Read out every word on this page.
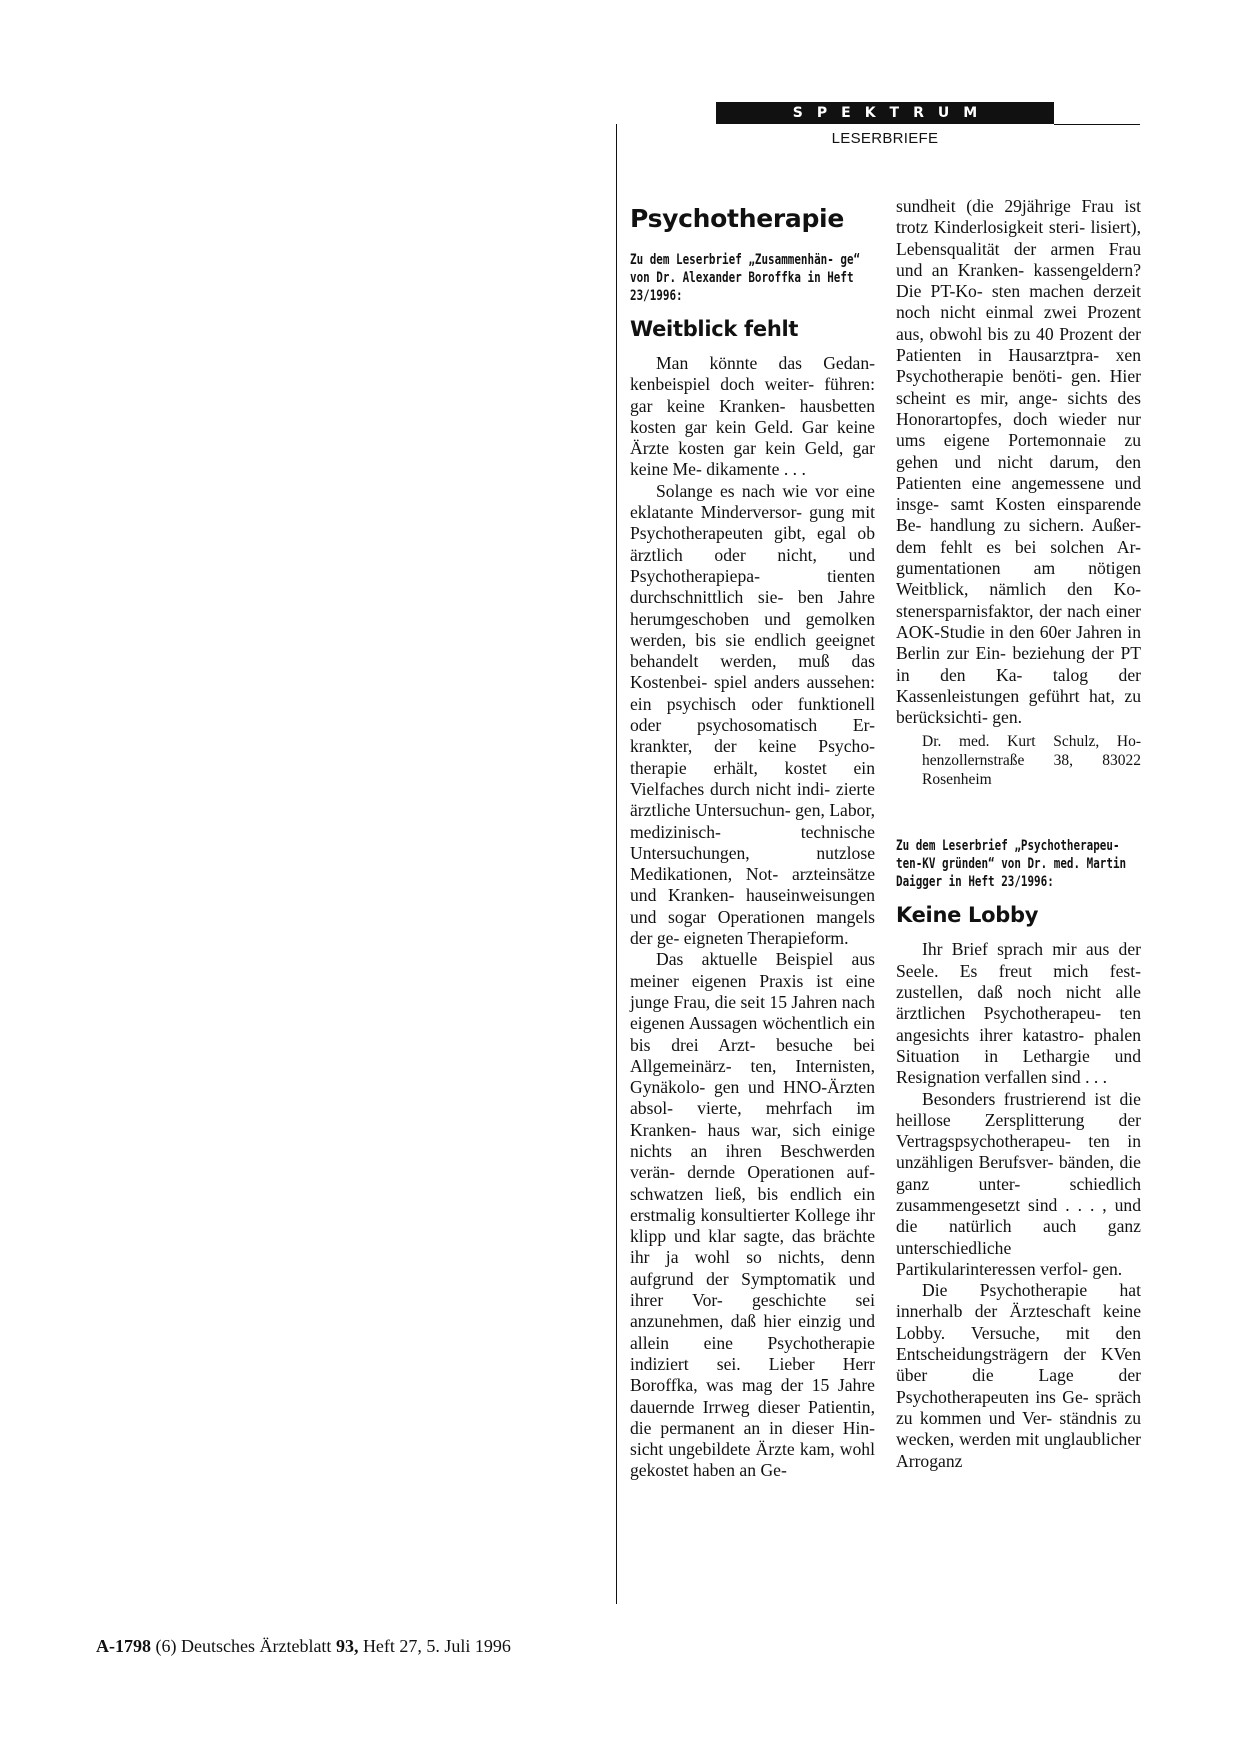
SPEKTRUM
LESERBRIEFE
Psychotherapie
Zu dem Leserbrief „Zusammenhän- ge“ von Dr. Alexander Boroffka in Heft 23/1996:
Weitblick fehlt

Man könnte das Gedan- kenbeispiel doch weiter- führen: gar keine Kranken- hausbetten kosten gar kein Geld. Gar keine Ärzte kosten gar kein Geld, gar keine Me- dikamente . . .

Solange es nach wie vor eine eklatante Minderversor- gung mit Psychotherapeuten gibt, egal ob ärztlich oder nicht, und Psychotherapiepa- tienten durchschnittlich sie- ben Jahre herumgeschoben und gemolken werden, bis sie endlich geeignet behandelt werden, muß das Kostenbei- spiel anders aussehen: ein psychisch oder funktionell oder psychosomatisch Er- krankter, der keine Psycho- therapie erhält, kostet ein Vielfaches durch nicht indi- zierte ärztliche Untersuchun- gen, Labor, medizinisch- technische Untersuchungen, nutzlose Medikationen, Not- arzteinsätze und Kranken- hauseinweisungen und sogar Operationen mangels der ge- eigneten Therapieform.

Das aktuelle Beispiel aus meiner eigenen Praxis ist eine junge Frau, die seit 15 Jahren nach eigenen Aussagen wöchentlich ein bis drei Arzt- besuche bei Allgemeinärz- ten, Internisten, Gynäkolo- gen und HNO-Ärzten absol- vierte, mehrfach im Kranken- haus war, sich einige nichts an ihren Beschwerden verän- dernde Operationen auf- schwatzen ließ, bis endlich ein erstmalig konsultierter Kollege ihr klipp und klar sagte, das brächte ihr ja wohl so nichts, denn aufgrund der Symptomatik und ihrer Vor- geschichte sei anzunehmen, daß hier einzig und allein eine Psychotherapie indiziert sei. Lieber Herr Boroffka, was mag der 15 Jahre dauernde Irrweg dieser Patientin, die permanent an in dieser Hin- sicht ungebildete Ärzte kam, wohl gekostet haben an Ge-

sundheit (die 29jährige Frau ist trotz Kinderlosigkeit steri- lisiert), Lebensqualität der armen Frau und an Kranken- kassengeldern? Die PT-Ko- sten machen derzeit noch nicht einmal zwei Prozent aus, obwohl bis zu 40 Prozent der Patienten in Hausarztpra- xen Psychotherapie benöti- gen. Hier scheint es mir, ange- sichts des Honorartopfes, doch wieder nur ums eigene Portemonnaie zu gehen und nicht darum, den Patienten eine angemessene und insge- samt Kosten einsparende Be- handlung zu sichern. Außer- dem fehlt es bei solchen Ar- gumentationen am nötigen Weitblick, nämlich den Ko- stenersparnisfaktor, der nach einer AOK-Studie in den 60er Jahren in Berlin zur Ein- beziehung der PT in den Ka- talog der Kassenleistungen geführt hat, zu berücksichti- gen.

Dr. med. Kurt Schulz, Ho- henzollernstraße 38, 83022 Rosenheim

Zu dem Leserbrief „Psychotherapeu- ten-KV gründen“ von Dr. med. Martin Daigger in Heft 23/1996:
Keine Lobby

Ihr Brief sprach mir aus der Seele. Es freut mich fest- zustellen, daß noch nicht alle ärztlichen Psychotherapeu- ten angesichts ihrer katastro- phalen Situation in Lethargie und Resignation verfallen sind . . .

Besonders frustrierend ist die heillose Zersplitterung der Vertragspsychotherapeu- ten in unzähligen Berufsver- bänden, die ganz unter- schiedlich zusammengesetzt sind . . . , und die natürlich auch ganz unterschiedliche Partikularinteressen verfol- gen.

Die Psychotherapie hat innerhalb der Ärzteschaft keine Lobby. Versuche, mit den Entscheidungsträgern der KVen über die Lage der Psychotherapeuten ins Ge- spräch zu kommen und Ver- ständnis zu wecken, werden mit unglaublicher Arroganz

A-1798 (6) Deutsches Ärzteblatt 93, Heft 27, 5. Juli 1996
